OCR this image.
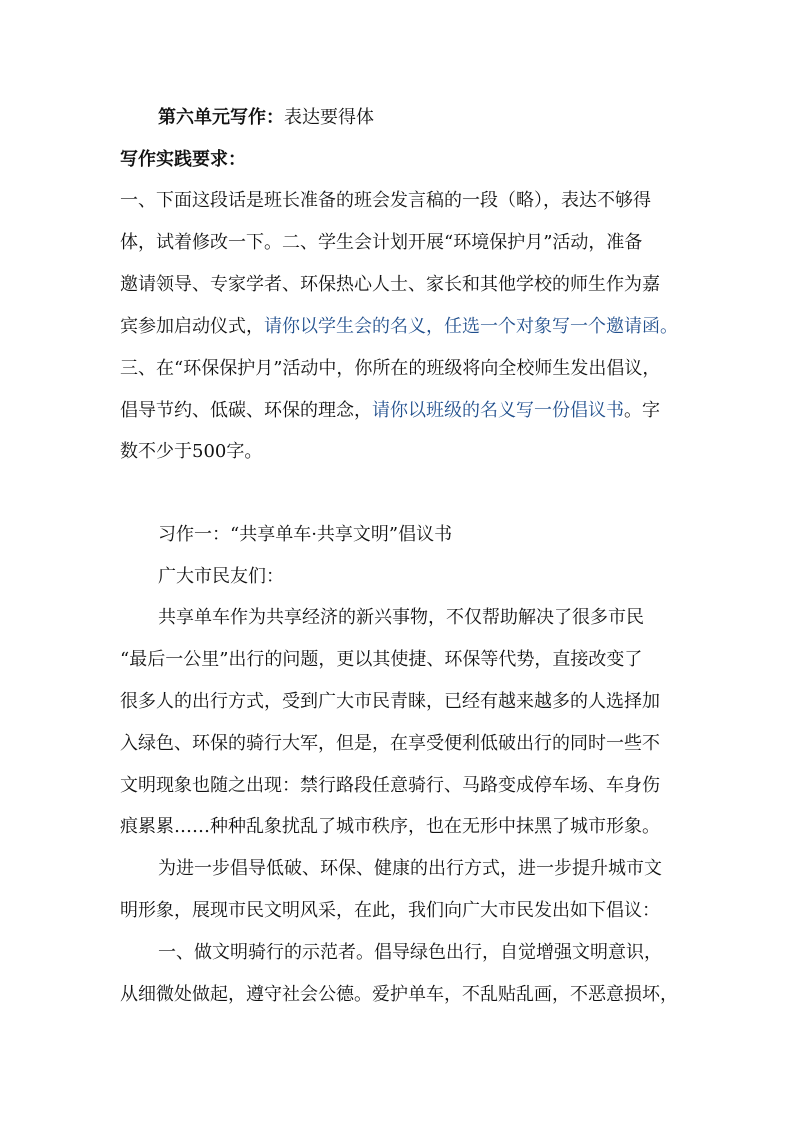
第六单元写作：表达要得体
写作实践要求：
一、下面这段话是班长准备的班会发言稿的一段（略），表达不够得
体，试着修改一下。二、学生会计划开展“环境保护月”活动，准备
邀请领导、专家学者、环保热心人士、家长和其他学校的师生作为嘉
宾参加启动仪式，请你以学生会的名义，任选一个对象写一个邀请函。
三、在“环保保护月”活动中，你所在的班级将向全校师生发出倡议，
倡导节约、低碳、环保的理念，请你以班级的名义写一份倡议书。字
数不少于500字。
习作一：“共享单车·共享文明”倡议书
广大市民友们：
共享单车作为共享经济的新兴事物，不仅帮助解决了很多市民
“最后一公里”出行的问题，更以其使捷、环保等代势，直接改变了
很多人的出行方式，受到广大市民青睐，已经有越来越多的人选择加
入绿色、环保的骑行大军，但是，在享受便利低破出行的同时一些不
文明现象也随之出现：禁行路段任意骑行、马路变成停车场、车身伤
痕累累……种种乱象扰乱了城市秩序，也在无形中抹黑了城市形象。
为进一步倡导低破、环保、健康的出行方式，进一步提升城市文
明形象，展现市民文明风采，在此，我们向广大市民发出如下倡议：
一、做文明骑行的示范者。倡导绿色出行，自觉增强文明意识，
从细微处做起，遵守社会公德。爱护单车，不乱贴乱画，不恶意损坏，
